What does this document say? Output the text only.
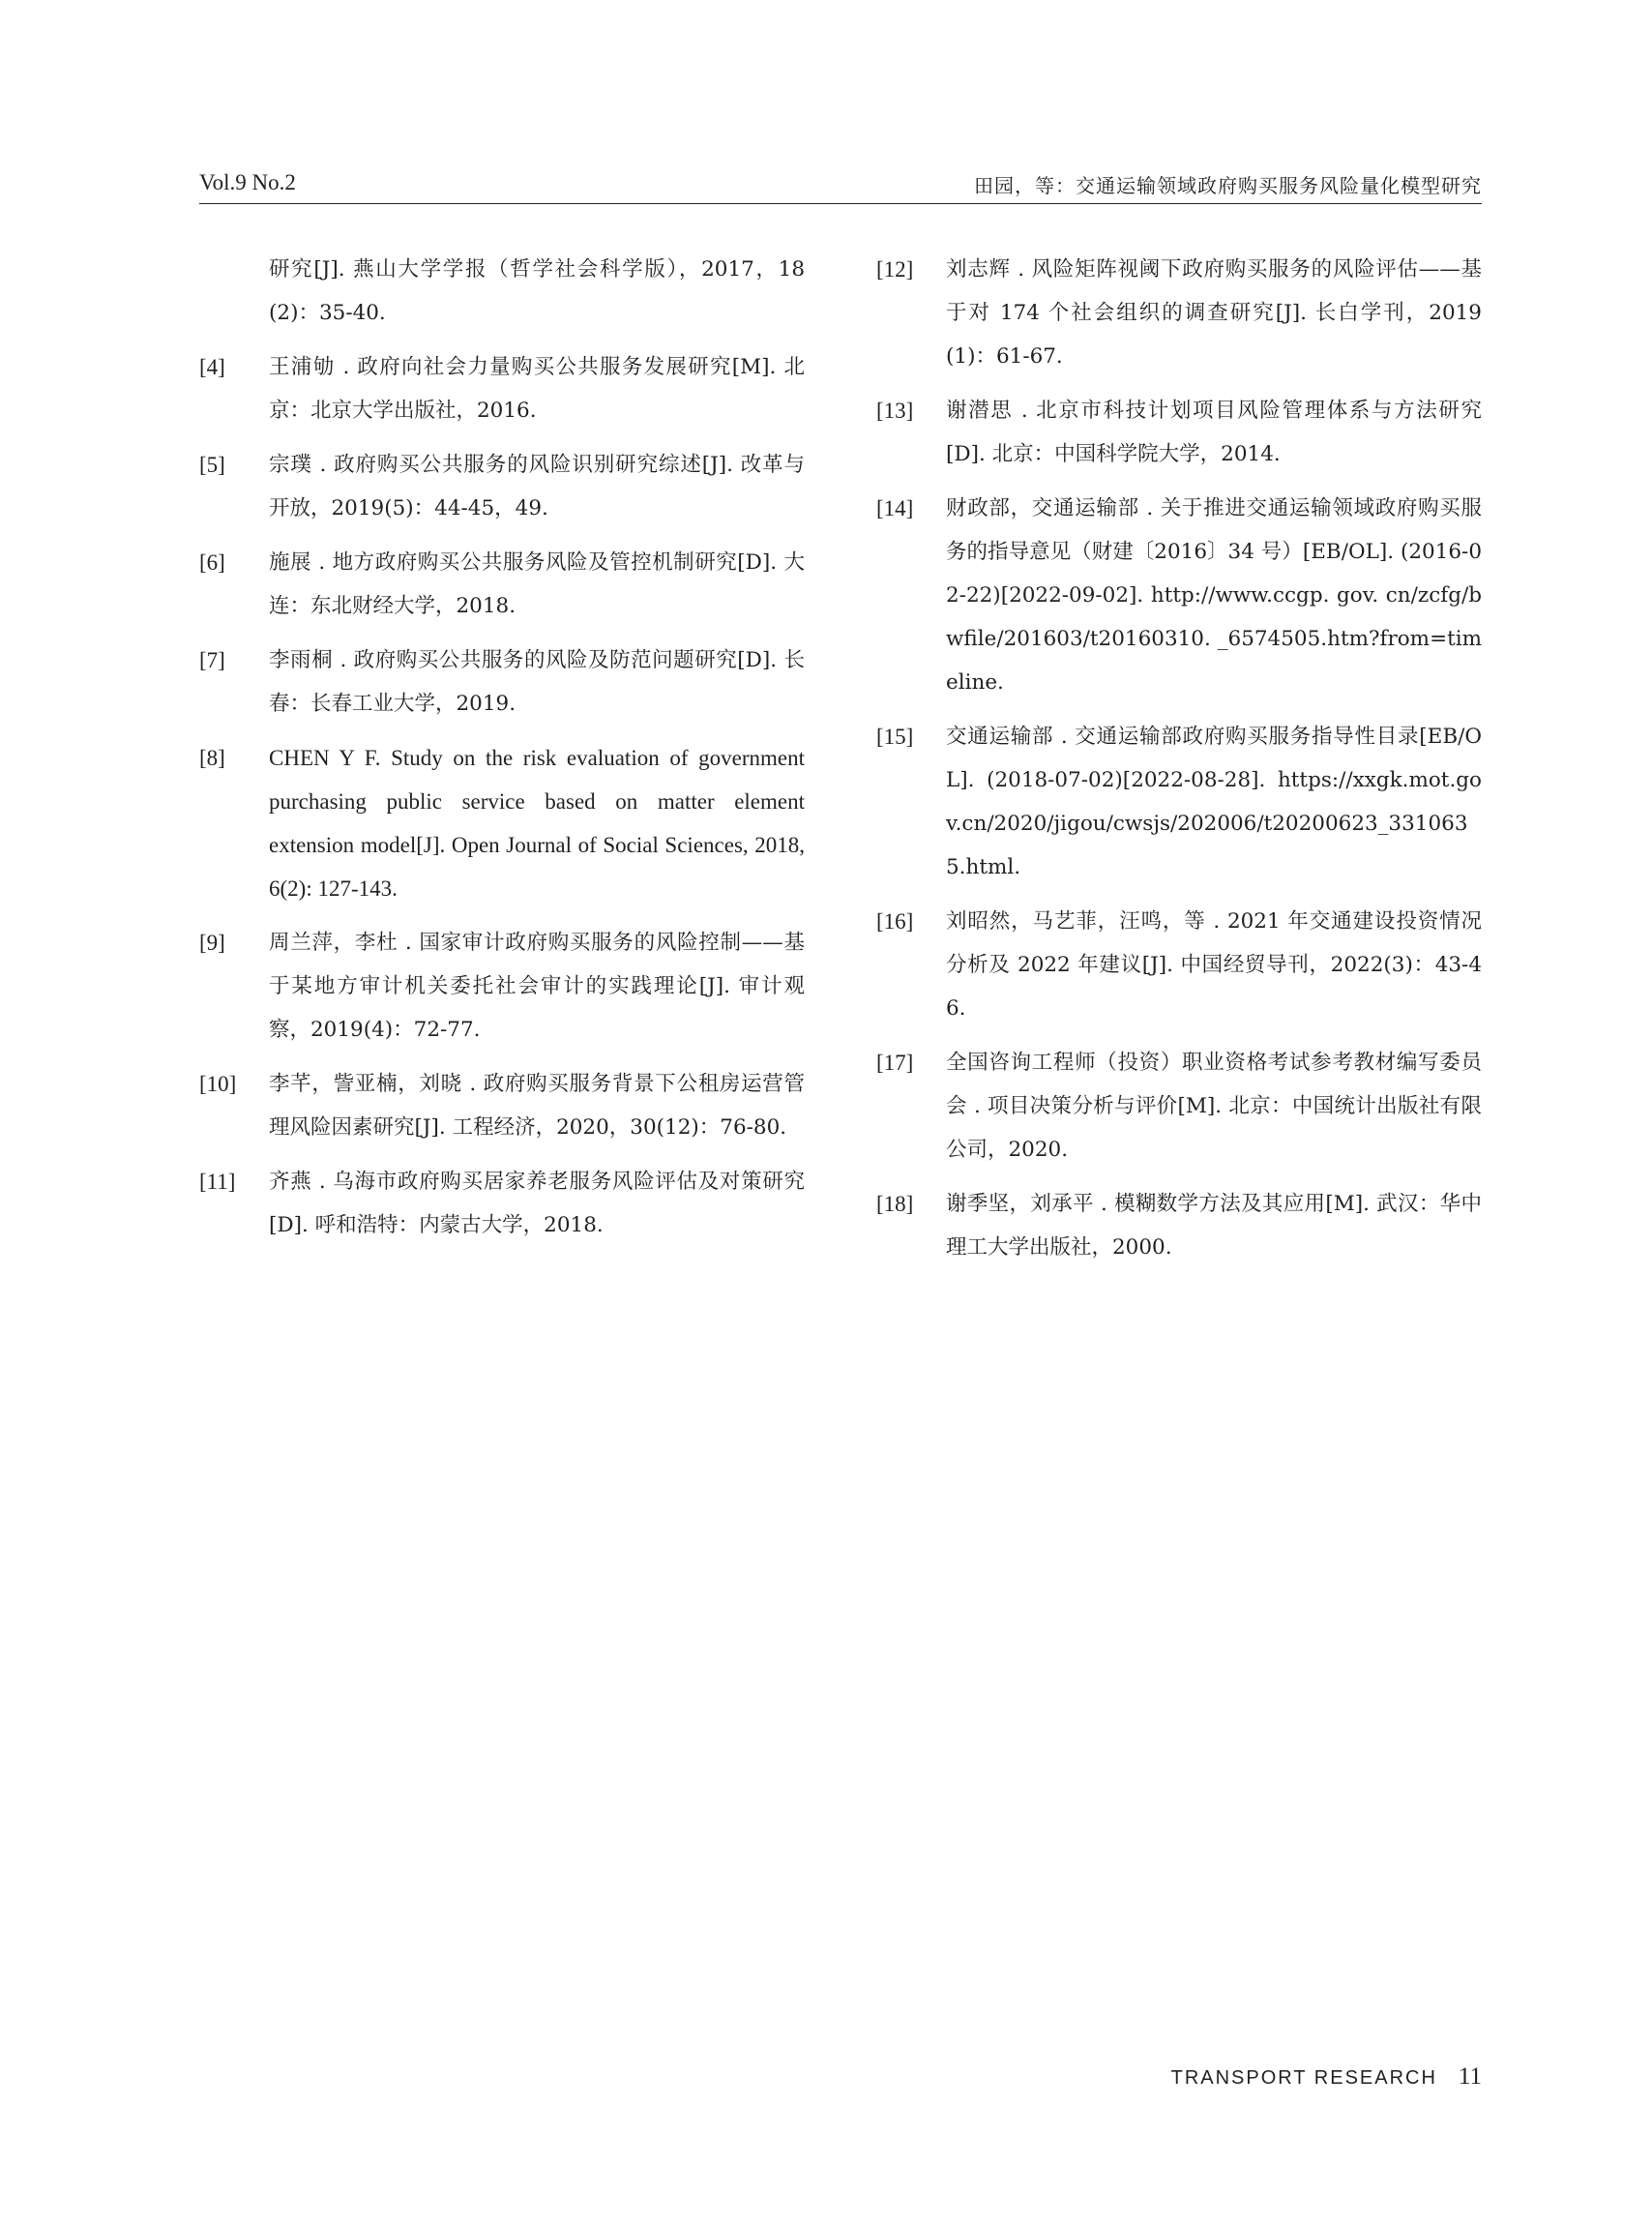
Vol.9 No.2	田园，等：交通运输领域政府购买服务风险量化模型研究
研究[J]. 燕山大学学报（哲学社会科学版），2017，18(2)：35-40.
[4]	王浦劬 . 政府向社会力量购买公共服务发展研究[M]. 北京：北京大学出版社，2016.
[5]	宗璞 . 政府购买公共服务的风险识别研究综述[J]. 改革与开放，2019(5)：44-45，49.
[6]	施展 . 地方政府购买公共服务风险及管控机制研究[D]. 大连：东北财经大学，2018.
[7]	李雨桐 . 政府购买公共服务的风险及防范问题研究[D]. 长春：长春工业大学，2019.
[8]	CHEN Y F. Study on the risk evaluation of government purchasing public service based on matter element extension model[J]. Open Journal of Social Sciences, 2018, 6(2): 127-143.
[9]	周兰萍，李杜 . 国家审计政府购买服务的风险控制——基于某地方审计机关委托社会审计的实践理论[J]. 审计观察，2019(4)：72-77.
[10]	李芊，訾亚楠，刘晓 . 政府购买服务背景下公租房运营管理风险因素研究[J]. 工程经济，2020，30(12)：76-80.
[11]	齐燕 . 乌海市政府购买居家养老服务风险评估及对策研究[D]. 呼和浩特：内蒙古大学，2018.
[12]	刘志辉 . 风险矩阵视阈下政府购买服务的风险评估——基于对 174 个社会组织的调查研究[J]. 长白学刊，2019(1)：61-67.
[13]	谢潜思 . 北京市科技计划项目风险管理体系与方法研究[D]. 北京：中国科学院大学，2014.
[14]	财政部，交通运输部 . 关于推进交通运输领域政府购买服务的指导意见（财建〔2016〕34 号）[EB/OL]. (2016-02-22)[2022-09-02]. http://www.ccgp. gov. cn/zcfg/bwfile/201603/t20160310. _6574505.htm?from=timeline.
[15]	交通运输部 . 交通运输部政府购买服务指导性目录[EB/OL]. (2018-07-02)[2022-08-28]. https://xxgk.mot.gov.cn/2020/jigou/cwsjs/202006/t20200623_3310635.html.
[16]	刘昭然，马艺菲，汪鸣，等 . 2021 年交通建设投资情况分析及 2022 年建议[J]. 中国经贸导刊，2022(3)：43-46.
[17]	全国咨询工程师（投资）职业资格考试参考教材编写委员会 . 项目决策分析与评价[M]. 北京：中国统计出版社有限公司，2020.
[18]	谢季坚，刘承平 . 模糊数学方法及其应用[M]. 武汉：华中理工大学出版社，2000.
TRANSPORT RESEARCH 11
